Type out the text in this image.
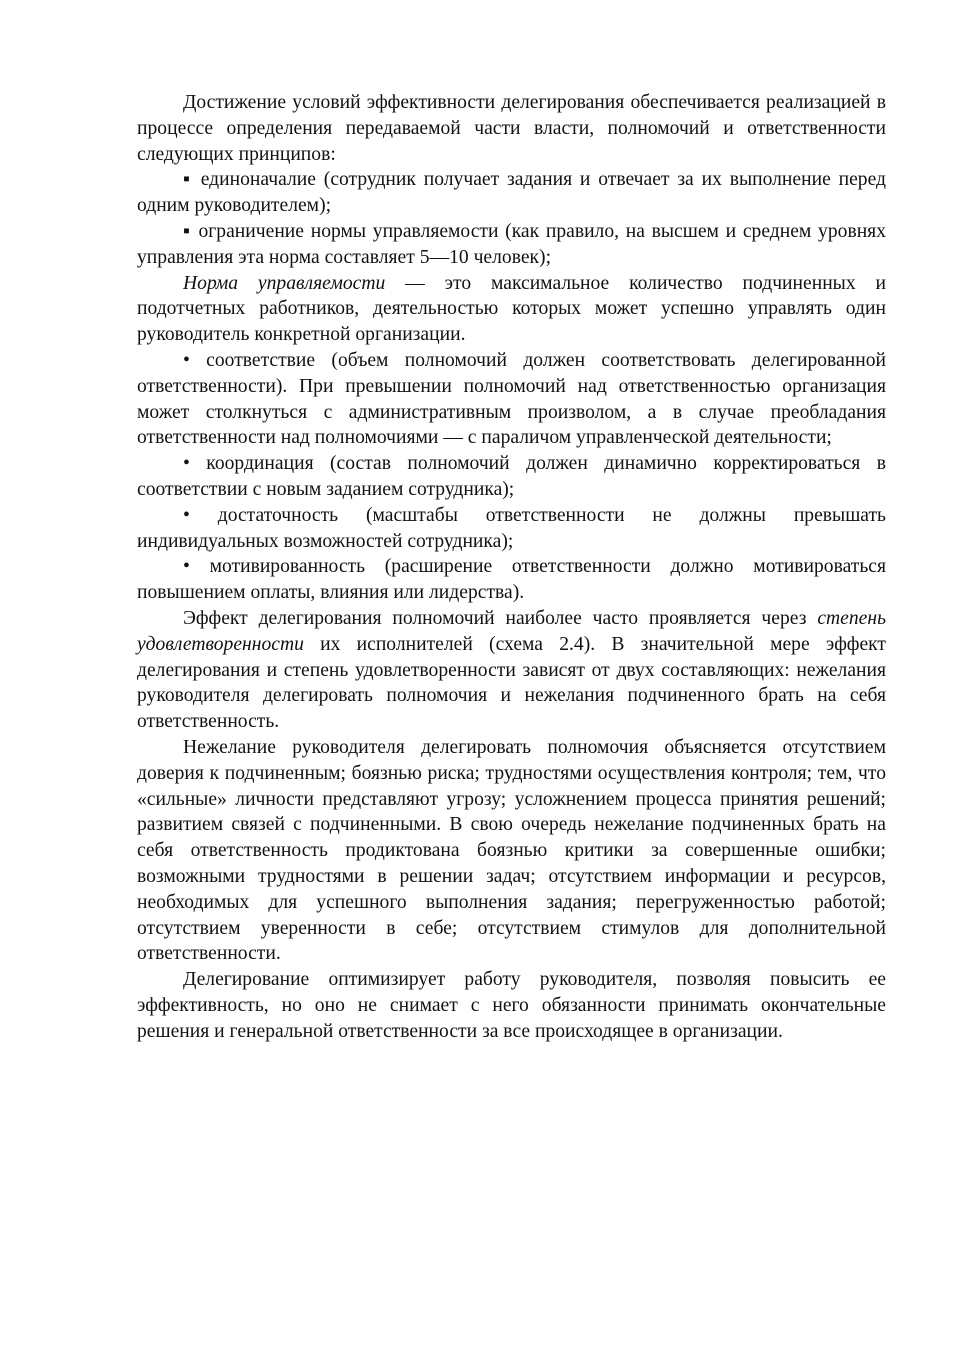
Достижение условий эффективности делегирования обеспечивается реализацией в процессе определения передаваемой части власти, полномочий и ответственности следующих принципов:

▪ единоначалие (сотрудник получает задания и отвечает за их выполнение перед одним руководителем);

▪ ограничение нормы управляемости (как правило, на высшем и среднем уровнях управления эта норма составляет 5—10 человек);

Норма управляемости — это максимальное количество подчиненных и подотчетных работников, деятельностью которых может успешно управлять один руководитель конкретной организации.

• соответствие (объем полномочий должен соответствовать делегированной ответственности). При превышении полномочий над ответственностью организация может столкнуться с административным произволом, а в случае преобладания ответственности над полномочиями — с параличом управленческой деятельности;

• координация (состав полномочий должен динамично корректироваться в соответствии с новым заданием сотрудника);

• достаточность (масштабы ответственности не должны превышать индивидуальных возможностей сотрудника);

• мотивированность (расширение ответственности должно мотивироваться повышением оплаты, влияния или лидерства).

Эффект делегирования полномочий наиболее часто проявляется через степень удовлетворенности их исполнителей (схема 2.4). В значительной мере эффект делегирования и степень удовлетворенности зависят от двух составляющих: нежелания руководителя делегировать полномочия и нежелания подчиненного брать на себя ответственность.

Нежелание руководителя делегировать полномочия объясняется отсутствием доверия к подчиненным; боязнью риска; трудностями осуществления контроля; тем, что «сильные» личности представляют угрозу; усложнением процесса принятия решений; развитием связей с подчиненными. В свою очередь нежелание подчиненных брать на себя ответственность продиктована боязнью критики за совершенные ошибки; возможными трудностями в решении задач; отсутствием информации и ресурсов, необходимых для успешного выполнения задания; перегруженностью работой; отсутствием уверенности в себе; отсутствием стимулов для дополнительной ответственности.

Делегирование оптимизирует работу руководителя, позволяя повысить ее эффективность, но оно не снимает с него обязанности принимать окончательные решения и генеральной ответственности за все происходящее в организации.
